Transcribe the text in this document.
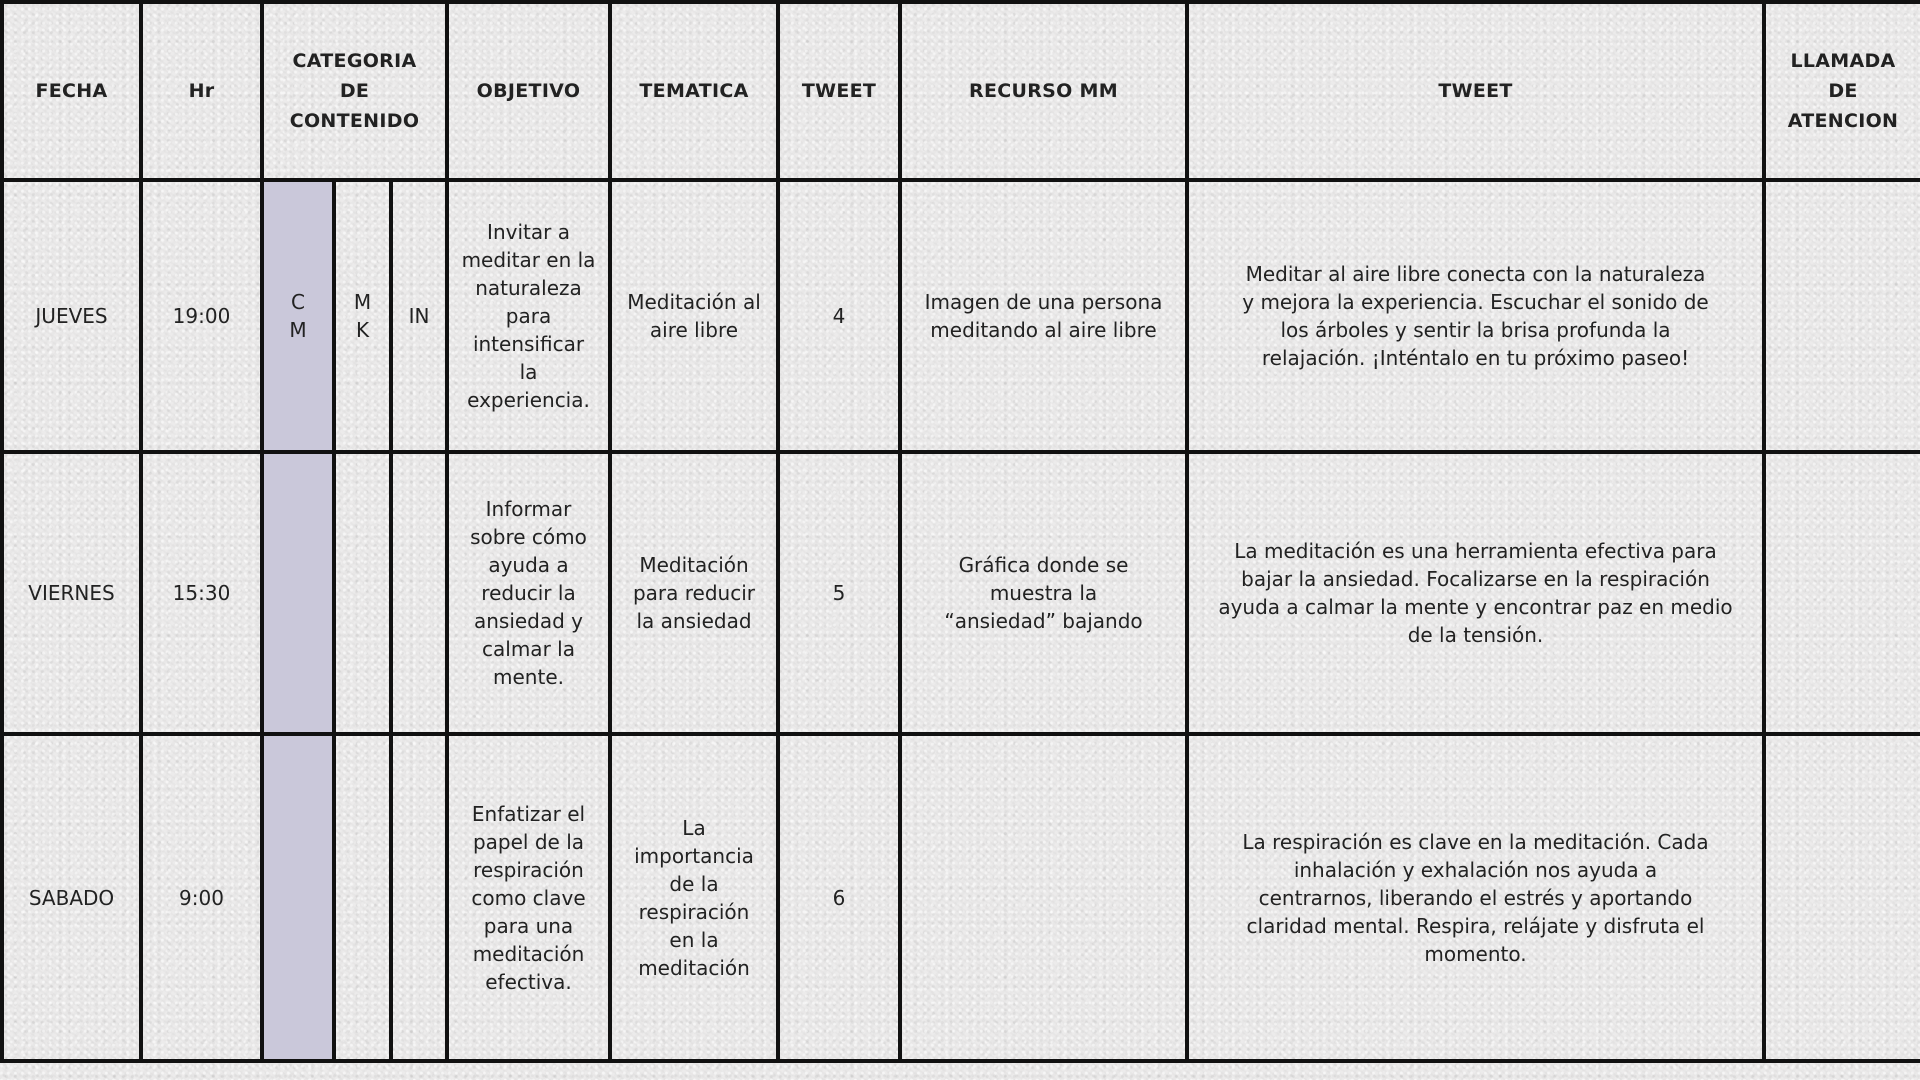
FECHA	Hr	CATEGORIA DE CONTENIDO			OBJETIVO	TEMATICA	TWEET	RECURSO MM	TWEET	LLAMADA DE ATENCION
JUEVES	19:00	CM	MK	IN	Invitar a meditar en la naturaleza para intensificar la experiencia.	Meditación al aire libre	4	Imagen de una persona meditando al aire libre	Meditar al aire libre conecta con la naturaleza y mejora la experiencia. Escuchar el sonido de los árboles y sentir la brisa profunda la relajación. ¡Inténtalo en tu próximo paseo!	
VIERNES	15:30				Informar sobre cómo ayuda a reducir la ansiedad y calmar la mente.	Meditación para reducir la ansiedad	5	Gráfica donde se muestra la “ansiedad” bajando	La meditación es una herramienta efectiva para bajar la ansiedad. Focalizarse en la respiración ayuda a calmar la mente y encontrar paz en medio de la tensión.	
SABADO	9:00				Enfatizar el papel de la respiración como clave para una meditación efectiva.	La importancia de la respiración en la meditación	6		La respiración es clave en la meditación. Cada inhalación y exhalación nos ayuda a centrarnos, liberando el estrés y aportando claridad mental. Respira, relájate y disfruta el momento.	
